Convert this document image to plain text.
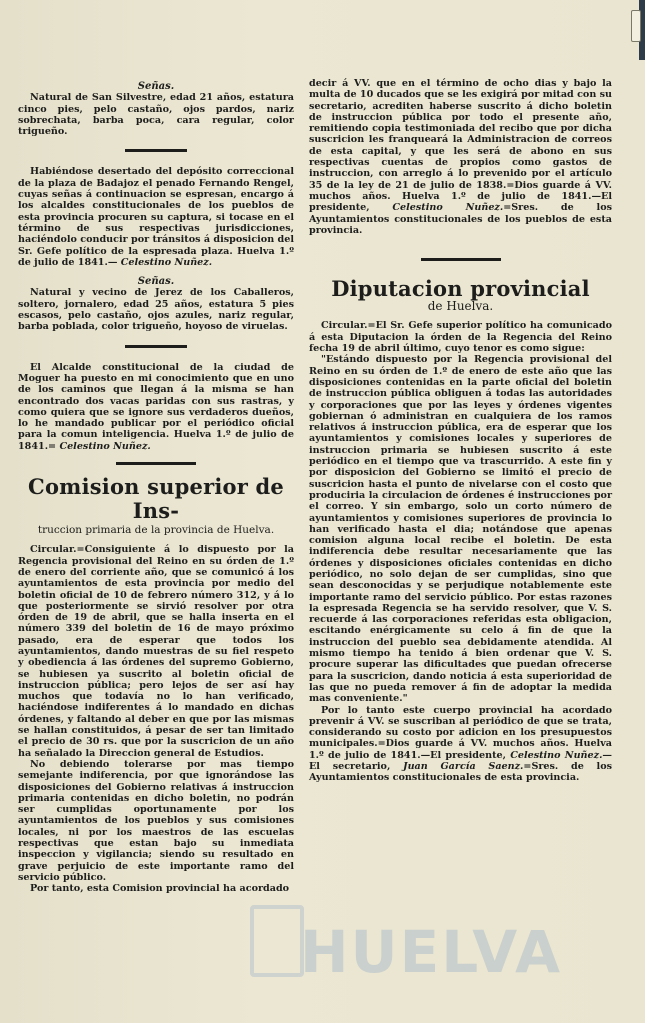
HUELVA
Señas.

Natural de San Silvestre, edad 21 años, estatura cinco pies, pelo castaño, ojos pardos, nariz sobrechata, barba poca, cara regular, color trigueño.

Habiéndose desertado del depósito correccional de la plaza de Badajoz el penado Fernando Rengel, cuyas señas á continuacion se espresan, encargo á los alcaldes constitucionales de los pueblos de esta provincia procuren su captura, si tocase en el término de sus respectivas jurisdicciones, haciéndolo conducir por tránsitos á disposicion del Sr. Gefe político de la espresada plaza. Huelva 1.º de julio de 1841.— Celestino Nuñez.

Señas.

Natural y vecino de Jerez de los Caballeros, soltero, jornalero, edad 25 años, estatura 5 pies escasos, pelo castaño, ojos azules, nariz regular, barba poblada, color trigueño, hoyoso de viruelas.

El Alcalde constitucional de la ciudad de Moguer ha puesto en mi conocimiento que en uno de los caminos que llegan á la misma se han encontrado dos vacas paridas con sus rastras, y como quiera que se ignore sus verdaderos dueños, lo he mandado publicar por el periódico oficial para la comun inteligencia. Huelva 1.º de julio de 1841.= Celestino Nuñez.

Comision superior de Ins-
truccion primaria de la provincia de Huelva.

Circular.=Consiguiente á lo dispuesto por la Regencia provisional del Reino en su órden de 1.º de enero del corriente año, que se comunicó á los ayuntamientos de esta provincia por medio del boletin oficial de 10 de febrero número 312, y á lo que posteriormente se sirvió resolver por otra órden de 19 de abril, que se halla inserta en el número 339 del boletin de 16 de mayo próximo pasado, era de esperar que todos los ayuntamientos, dando muestras de su fiel respeto y obediencia á las órdenes del supremo Gobierno, se hubiesen ya suscrito al boletin oficial de instruccion pública; pero lejos de ser así hay muchos que todavía no lo han verificado, haciéndose indiferentes á lo mandado en dichas órdenes, y faltando al deber en que por las mismas se hallan constituidos, á pesar de ser tan limitado el precio de 30 rs. que por la suscricion de un año ha señalado la Direccion general de Estudios.

No debiendo tolerarse por mas tiempo semejante indiferencia, por que ignorándose las disposiciones del Gobierno relativas á instruccion primaria contenidas en dicho boletin, no podrán ser cumplidas oportunamente por los ayuntamientos de los pueblos y sus comisiones locales, ni por los maestros de las escuelas respectivas que estan bajo su inmediata inspeccion y vigilancia; siendo su resultado en grave perjuicio de este importante ramo del servicio público.

Por tanto, esta Comision provincial ha acordado

decir á VV. que en el término de ocho dias y bajo la multa de 10 ducados que se les exigirá por mitad con su secretario, acrediten haberse suscrito á dicho boletin de instruccion pública por todo el presente año, remitiendo copia testimoniada del recibo que por dicha suscricion les franqueará la Administracion de correos de esta capital, y que les será de abono en sus respectivas cuentas de propios como gastos de instruccion, con arreglo á lo prevenido por el artículo 35 de la ley de 21 de julio de 1838.=Dios guarde á VV. muchos años. Huelva 1.º de julio de 1841.—El presidente, Celestino Nuñez.=Sres. de los Ayuntamientos constitucionales de los pueblos de esta provincia.

Diputacion provincial
de Huelva.

Circular.=El Sr. Gefe superior político ha comunicado á esta Diputacion la órden de la Regencia del Reino fecha 19 de abril último, cuyo tenor es como sigue:

"Estándo dispuesto por la Regencia provisional del Reino en su órden de 1.º de enero de este año que las disposiciones contenidas en la parte oficial del boletin de instruccion pública obliguen á todas las autoridades y corporaciones que por las leyes y órdenes vigentes gobiernan ó administran en cualquiera de los ramos relativos á instruccion pública, era de esperar que los ayuntamientos y comisiones locales y superiores de instruccion primaria se hubiesen suscrito á este periódico en el tiempo que va trascurrido. A este fin y por disposicion del Gobierno se limitó el precio de suscricion hasta el punto de nivelarse con el costo que produciria la circulacion de órdenes é instrucciones por el correo. Y sin embargo, solo un corto número de ayuntamientos y comisiones superiores de provincia lo han verificado hasta el dia; notándose que apenas comision alguna local recibe el boletin. De esta indiferencia debe resultar necesariamente que las órdenes y disposiciones oficiales contenidas en dicho periódico, no solo dejan de ser cumplidas, sino que sean desconocidas y se perjudique notablemente este importante ramo del servicio público. Por estas razones la espresada Regencia se ha servido resolver, que V. S. recuerde á las corporaciones referidas esta obligacion, escitando enérgicamente su celo á fin de que la instruccion del pueblo sea debidamente atendida. Al mismo tiempo ha tenido á bien ordenar que V. S. procure superar las dificultades que puedan ofrecerse para la suscricion, dando noticia á esta superioridad de las que no pueda remover á fin de adoptar la medida mas conveniente."

Por lo tanto este cuerpo provincial ha acordado prevenir á VV. se suscriban al periódico de que se trata, considerando su costo por adicion en los presupuestos municipales.=Dios guarde á VV. muchos años. Huelva 1.º de julio de 1841.—El presidente, Celestino Nuñez.—El secretario, Juan García Saenz.=Sres. de los Ayuntamientos constitucionales de esta provincia.
